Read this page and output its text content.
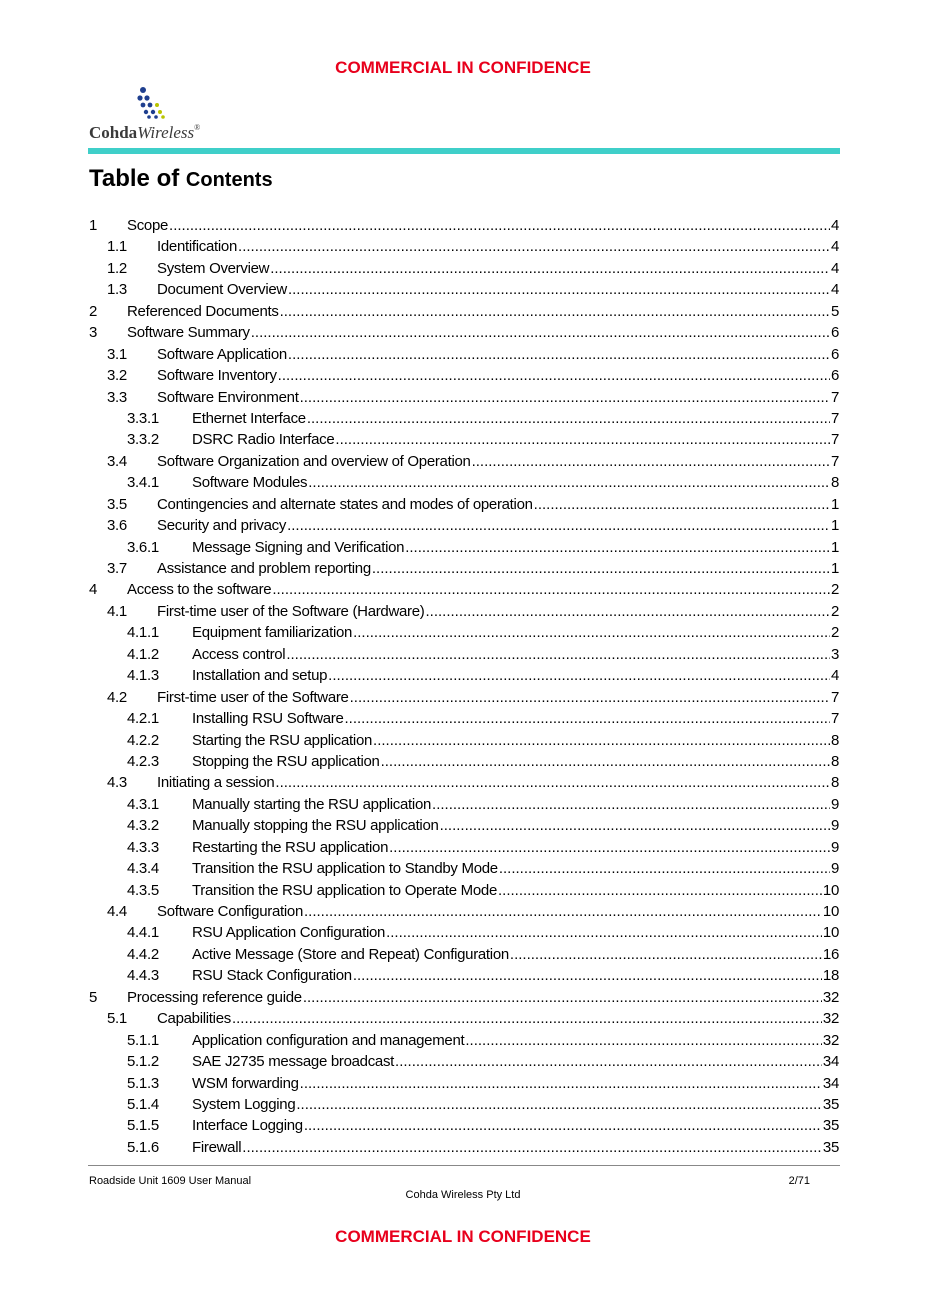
COMMERCIAL IN CONFIDENCE
CohdaWireless®
Table of Contents
1	Scope .....	4
1.1	Identification .....	4
1.2	System Overview .....	4
1.3	Document Overview .....	4
2	Referenced Documents .....	5
3	Software Summary .....	6
3.1	Software Application .....	6
3.2	Software Inventory .....	6
3.3	Software Environment .....	7
3.3.1	Ethernet Interface .....	7
3.3.2	DSRC Radio Interface .....	7
3.4	Software Organization and overview of Operation .....	7
3.4.1	Software Modules .....	8
3.5	Contingencies and alternate states and modes of operation .....	1
3.6	Security and privacy .....	1
3.6.1	Message Signing and Verification .....	1
3.7	Assistance and problem reporting .....	1
4	Access to the software .....	2
4.1	First-time user of the Software (Hardware) .....	2
4.1.1	Equipment familiarization .....	2
4.1.2	Access control .....	3
4.1.3	Installation and setup .....	4
4.2	First-time user of the Software .....	7
4.2.1	Installing RSU Software .....	7
4.2.2	Starting the RSU application .....	8
4.2.3	Stopping the RSU application .....	8
4.3	Initiating a session .....	8
4.3.1	Manually starting the RSU application .....	9
4.3.2	Manually stopping the RSU application .....	9
4.3.3	Restarting the RSU application .....	9
4.3.4	Transition the RSU application to Standby Mode .....	9
4.3.5	Transition the RSU application to Operate Mode .....	10
4.4	Software Configuration .....	10
4.4.1	RSU Application Configuration .....	10
4.4.2	Active Message (Store and Repeat) Configuration .....	16
4.4.3	RSU Stack Configuration .....	18
5	Processing reference guide .....	32
5.1	Capabilities .....	32
5.1.1	Application configuration and management .....	32
5.1.2	SAE J2735 message broadcast .....	34
5.1.3	WSM forwarding .....	34
5.1.4	System Logging .....	35
5.1.5	Interface Logging .....	35
5.1.6	Firewall .....	35
Roadside Unit 1609 User Manual	2/71
Cohda Wireless Pty Ltd
COMMERCIAL IN CONFIDENCE
